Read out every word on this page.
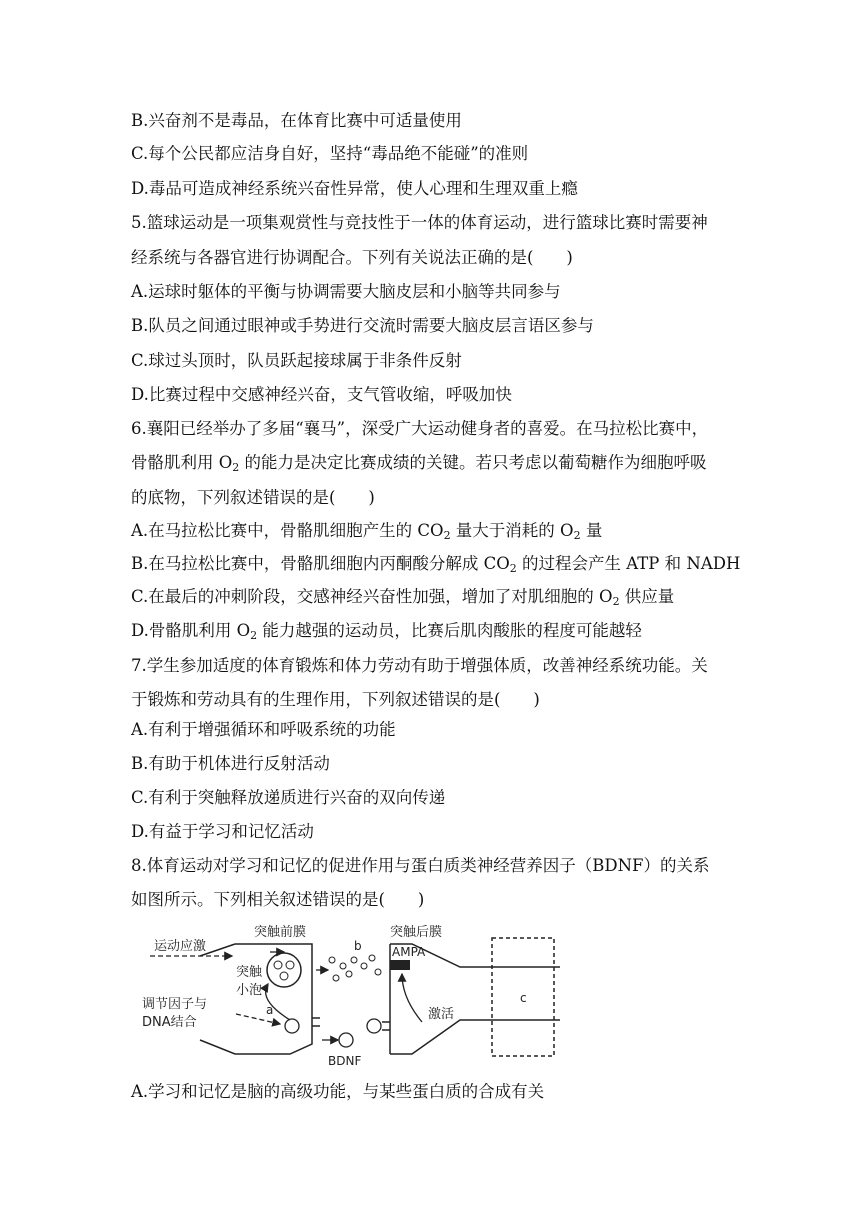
B.兴奋剂不是毒品，在体育比赛中可适量使用
C.每个公民都应洁身自好，坚持“毒品绝不能碰”的准则
D.毒品可造成神经系统兴奋性异常，使人心理和生理双重上瘾
5.篮球运动是一项集观赏性与竞技性于一体的体育运动，进行篮球比赛时需要神
经系统与各器官进行协调配合。下列有关说法正确的是(　　)
A.运球时躯体的平衡与协调需要大脑皮层和小脑等共同参与
B.队员之间通过眼神或手势进行交流时需要大脑皮层言语区参与
C.球过头顶时，队员跃起接球属于非条件反射
D.比赛过程中交感神经兴奋，支气管收缩，呼吸加快
6.襄阳已经举办了多届“襄马”，深受广大运动健身者的喜爱。在马拉松比赛中，
骨骼肌利用 $O_2$ 的能力是决定比赛成绩的关键。若只考虑以葡萄糖作为细胞呼吸
的底物，下列叙述错误的是(　　)
A.在马拉松比赛中，骨骼肌细胞产生的 $CO_2$ 量大于消耗的 $O_2$ 量
B.在马拉松比赛中，骨骼肌细胞内丙酮酸分解成 $CO_2$ 的过程会产生 ATP 和 NADH
C.在最后的冲刺阶段，交感神经兴奋性加强，增加了对肌细胞的 $O_2$ 供应量
D.骨骼肌利用 $O_2$ 能力越强的运动员，比赛后肌肉酸胀的程度可能越轻
7.学生参加适度的体育锻炼和体力劳动有助于增强体质，改善神经系统功能。关
于锻炼和劳动具有的生理作用，下列叙述错误的是(　　)
A.有利于增强循环和呼吸系统的功能
B.有助于机体进行反射活动
C.有利于突触释放递质进行兴奋的双向传递
D.有益于学习和记忆活动
8.体育运动对学习和记忆的促进作用与蛋白质类神经营养因子（BDNF）的关系
如图所示。下列相关叙述错误的是(　　)
A.学习和记忆是脑的高级功能，与某些蛋白质的合成有关
运动应激
突触前膜	突触后膜
突触
小泡
调节因子与
DNA结合
a
b
c
AMPA
激活
BDNF
